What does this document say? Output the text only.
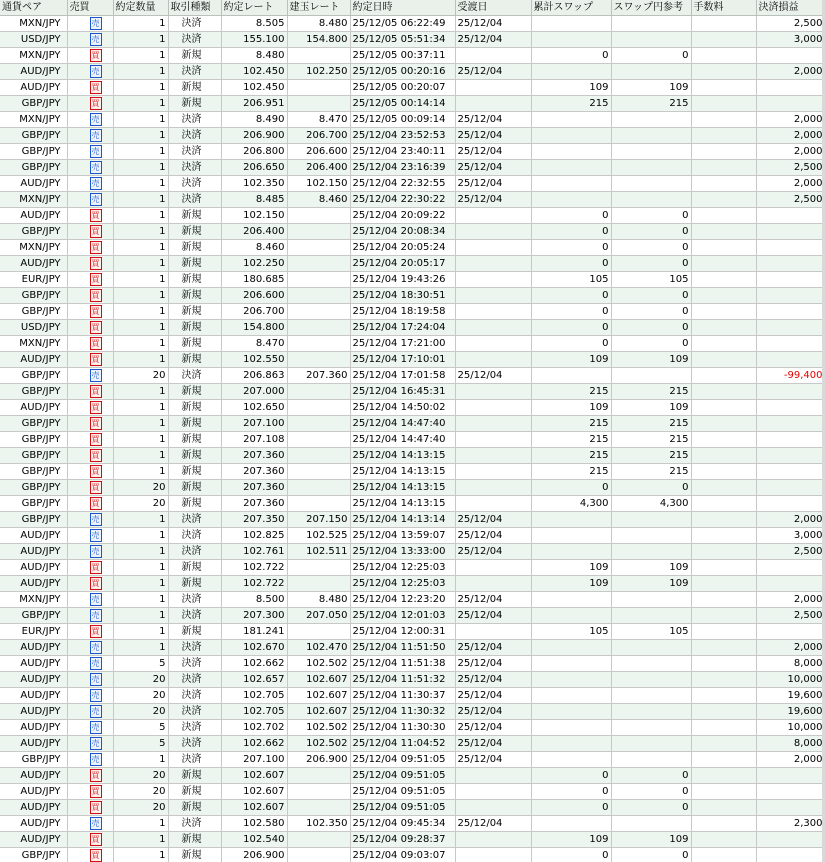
通貨ペア	売買	約定数量	取引種類	約定レート	建玉レート	約定日時	受渡日	累計スワップ	スワップ円参考	手数料	決済損益
MXN/JPY	売	1	決済	8.505	8.480	25/12/05 06:22:49	25/12/04				2,500
USD/JPY	売	1	決済	155.100	154.800	25/12/05 05:51:34	25/12/04				3,000
MXN/JPY	買	1	新規	8.480		25/12/05 00:37:11		0	0		
AUD/JPY	売	1	決済	102.450	102.250	25/12/05 00:20:16	25/12/04				2,000
AUD/JPY	買	1	新規	102.450		25/12/05 00:20:07		109	109		
GBP/JPY	買	1	新規	206.951		25/12/05 00:14:14		215	215		
MXN/JPY	売	1	決済	8.490	8.470	25/12/05 00:09:14	25/12/04				2,000
GBP/JPY	売	1	決済	206.900	206.700	25/12/04 23:52:53	25/12/04				2,000
GBP/JPY	売	1	決済	206.800	206.600	25/12/04 23:40:11	25/12/04				2,000
GBP/JPY	売	1	決済	206.650	206.400	25/12/04 23:16:39	25/12/04				2,500
AUD/JPY	売	1	決済	102.350	102.150	25/12/04 22:32:55	25/12/04				2,000
MXN/JPY	売	1	決済	8.485	8.460	25/12/04 22:30:22	25/12/04				2,500
AUD/JPY	買	1	新規	102.150		25/12/04 20:09:22		0	0		
GBP/JPY	買	1	新規	206.400		25/12/04 20:08:34		0	0		
MXN/JPY	買	1	新規	8.460		25/12/04 20:05:24		0	0		
AUD/JPY	買	1	新規	102.250		25/12/04 20:05:17		0	0		
EUR/JPY	買	1	新規	180.685		25/12/04 19:43:26		105	105		
GBP/JPY	買	1	新規	206.600		25/12/04 18:30:51		0	0		
GBP/JPY	買	1	新規	206.700		25/12/04 18:19:58		0	0		
USD/JPY	買	1	新規	154.800		25/12/04 17:24:04		0	0		
MXN/JPY	買	1	新規	8.470		25/12/04 17:21:00		0	0		
AUD/JPY	買	1	新規	102.550		25/12/04 17:10:01		109	109		
GBP/JPY	売	20	決済	206.863	207.360	25/12/04 17:01:58	25/12/04				-99,400
GBP/JPY	買	1	新規	207.000		25/12/04 16:45:31		215	215		
AUD/JPY	買	1	新規	102.650		25/12/04 14:50:02		109	109		
GBP/JPY	買	1	新規	207.100		25/12/04 14:47:40		215	215		
GBP/JPY	買	1	新規	207.108		25/12/04 14:47:40		215	215		
GBP/JPY	買	1	新規	207.360		25/12/04 14:13:15		215	215		
GBP/JPY	買	1	新規	207.360		25/12/04 14:13:15		215	215		
GBP/JPY	買	20	新規	207.360		25/12/04 14:13:15		0	0		
GBP/JPY	買	20	新規	207.360		25/12/04 14:13:15		4,300	4,300		
GBP/JPY	売	1	決済	207.350	207.150	25/12/04 14:13:14	25/12/04				2,000
AUD/JPY	売	1	決済	102.825	102.525	25/12/04 13:59:07	25/12/04				3,000
AUD/JPY	売	1	決済	102.761	102.511	25/12/04 13:33:00	25/12/04				2,500
AUD/JPY	買	1	新規	102.722		25/12/04 12:25:03		109	109		
AUD/JPY	買	1	新規	102.722		25/12/04 12:25:03		109	109		
MXN/JPY	売	1	決済	8.500	8.480	25/12/04 12:23:20	25/12/04				2,000
GBP/JPY	売	1	決済	207.300	207.050	25/12/04 12:01:03	25/12/04				2,500
EUR/JPY	買	1	新規	181.241		25/12/04 12:00:31		105	105		
AUD/JPY	売	1	決済	102.670	102.470	25/12/04 11:51:50	25/12/04				2,000
AUD/JPY	売	5	決済	102.662	102.502	25/12/04 11:51:38	25/12/04				8,000
AUD/JPY	売	20	決済	102.657	102.607	25/12/04 11:51:32	25/12/04				10,000
AUD/JPY	売	20	決済	102.705	102.607	25/12/04 11:30:37	25/12/04				19,600
AUD/JPY	売	20	決済	102.705	102.607	25/12/04 11:30:32	25/12/04				19,600
AUD/JPY	売	5	決済	102.702	102.502	25/12/04 11:30:30	25/12/04				10,000
AUD/JPY	売	5	決済	102.662	102.502	25/12/04 11:04:52	25/12/04				8,000
GBP/JPY	売	1	決済	207.100	206.900	25/12/04 09:51:05	25/12/04				2,000
AUD/JPY	買	20	新規	102.607		25/12/04 09:51:05		0	0		
AUD/JPY	買	20	新規	102.607		25/12/04 09:51:05		0	0		
AUD/JPY	買	20	新規	102.607		25/12/04 09:51:05		0	0		
AUD/JPY	売	1	決済	102.580	102.350	25/12/04 09:45:34	25/12/04				2,300
AUD/JPY	買	1	新規	102.540		25/12/04 09:28:37		109	109		
GBP/JPY	買	1	新規	206.900		25/12/04 09:03:07		0	0		
